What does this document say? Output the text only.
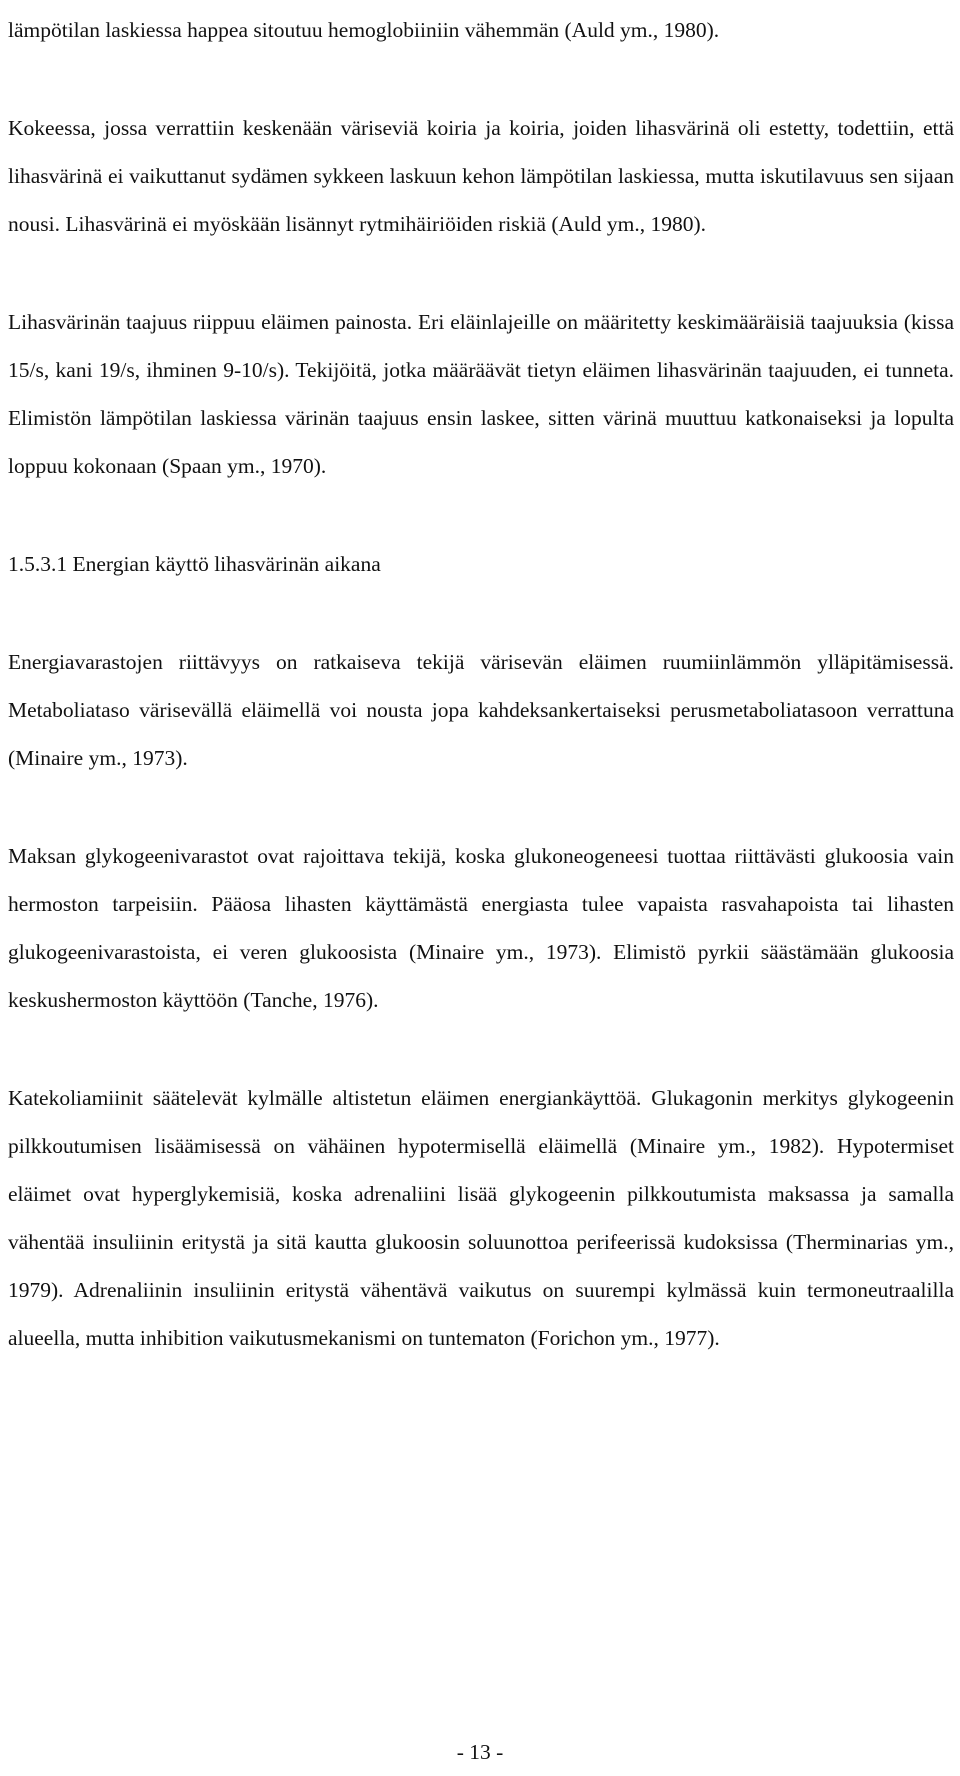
lämpötilan laskiessa happea sitoutuu hemoglobiiniin vähemmän (Auld ym., 1980).

Kokeessa, jossa verrattiin keskenään väriseviä koiria ja koiria, joiden lihasvärinä oli estetty, todettiin, että lihasvärinä ei vaikuttanut sydämen sykkeen laskuun kehon lämpötilan laskiessa, mutta iskutilavuus sen sijaan nousi. Lihasvärinä ei myöskään lisännyt rytmihäiriöiden riskiä (Auld ym., 1980).

Lihasvärinän taajuus riippuu eläimen painosta. Eri eläinlajeille on määritetty keskimääräisiä taajuuksia (kissa 15/s, kani 19/s, ihminen 9-10/s). Tekijöitä, jotka määräävät tietyn eläimen lihasvärinän taajuuden, ei tunneta. Elimistön lämpötilan laskiessa värinän taajuus ensin laskee, sitten värinä muuttuu katkonaiseksi ja lopulta loppuu kokonaan (Spaan ym., 1970).

1.5.3.1 Energian käyttö lihasvärinän aikana

Energiavarastojen riittävyys on ratkaiseva tekijä värisevän eläimen ruumiinlämmön ylläpitämisessä. Metaboliataso värisevällä eläimellä voi nousta jopa kahdeksankertaiseksi perusmetaboliatasoon verrattuna (Minaire ym., 1973).

Maksan glykogeenivarastot ovat rajoittava tekijä, koska glukoneogeneesi tuottaa riittävästi glukoosia vain hermoston tarpeisiin. Pääosa lihasten käyttämästä energiasta tulee vapaista rasvahapoista tai lihasten glukogeenivarastoista, ei veren glukoosista (Minaire ym., 1973). Elimistö pyrkii säästämään glukoosia keskushermoston käyttöön (Tanche, 1976).

Katekoliamiinit säätelevät kylmälle altistetun eläimen energiankäyttöä. Glukagonin merkitys glykogeenin pilkkoutumisen lisäämisessä on vähäinen hypotermisellä eläimellä (Minaire ym., 1982). Hypotermiset eläimet ovat hyperglykemisiä, koska adrenaliini lisää glykogeenin pilkkoutumista maksassa ja samalla vähentää insuliinin eritystä ja sitä kautta glukoosin soluunottoa perifeerissä kudoksissa (Therminarias ym., 1979). Adrenaliinin insuliinin eritystä vähentävä vaikutus on suurempi kylmässä kuin termoneutraalilla alueella, mutta inhibition vaikutusmekanismi on tuntematon (Forichon ym., 1977).

- 13 -
